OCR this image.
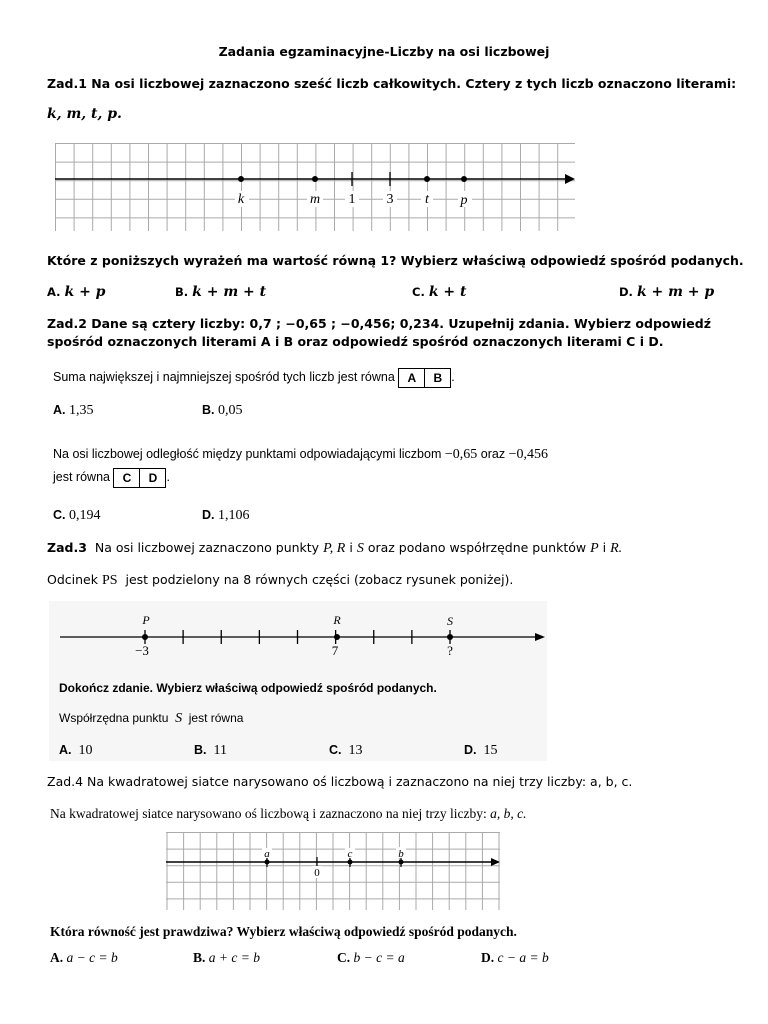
Zadania egzaminacyjne-Liczby na osi liczbowej
Zad.1 Na osi liczbowej zaznaczono sześć liczb całkowitych. Cztery z tych liczb oznaczono literami:
k, m, t, p.
k	m 1 3 t p
Które z poniższych wyrażeń ma wartość równą 1? Wybierz właściwą odpowiedź spośród podanych.
A. k + p	B. k + m + t	C. k + t	D. k + m + p
Zad.2 Dane są cztery liczby: 0,7 ; −0,65 ; −0,456; 0,234. Uzupełnij zdania. Wybierz odpowiedź spośród oznaczonych literami A i B oraz odpowiedź spośród oznaczonych literami C i D.
Suma największej i najmniejszej spośród tych liczb jest równa	A	B .
A. 1,35	B. 0,05
Na osi liczbowej odległość między punktami odpowiadającymi liczbom −0,65 oraz −0,456
jest równa	C	D .
C. 0,194	D. 1,106
Zad.3 Na osi liczbowej zaznaczono punkty P, R i S oraz podano współrzędne punktów P i R.
Odcinek PS jest podzielony na 8 równych części (zobacz rysunek poniżej).
P	R	S
−3	7	?
Dokończ zdanie. Wybierz właściwą odpowiedź spośród podanych.
Współrzędna punktu S jest równa
A. 10	B. 11	C. 13	D. 15
Zad.4 Na kwadratowej siatce narysowano oś liczbową i zaznaczono na niej trzy liczby: a, b, c.
Na kwadratowej siatce narysowano oś liczbową i zaznaczono na niej trzy liczby: a, b, c.
a	c	b
0
Która równość jest prawdziwa? Wybierz właściwą odpowiedź spośród podanych.
A. a − c = b	B. a + c = b	C. b − c = a	D. c − a = b
